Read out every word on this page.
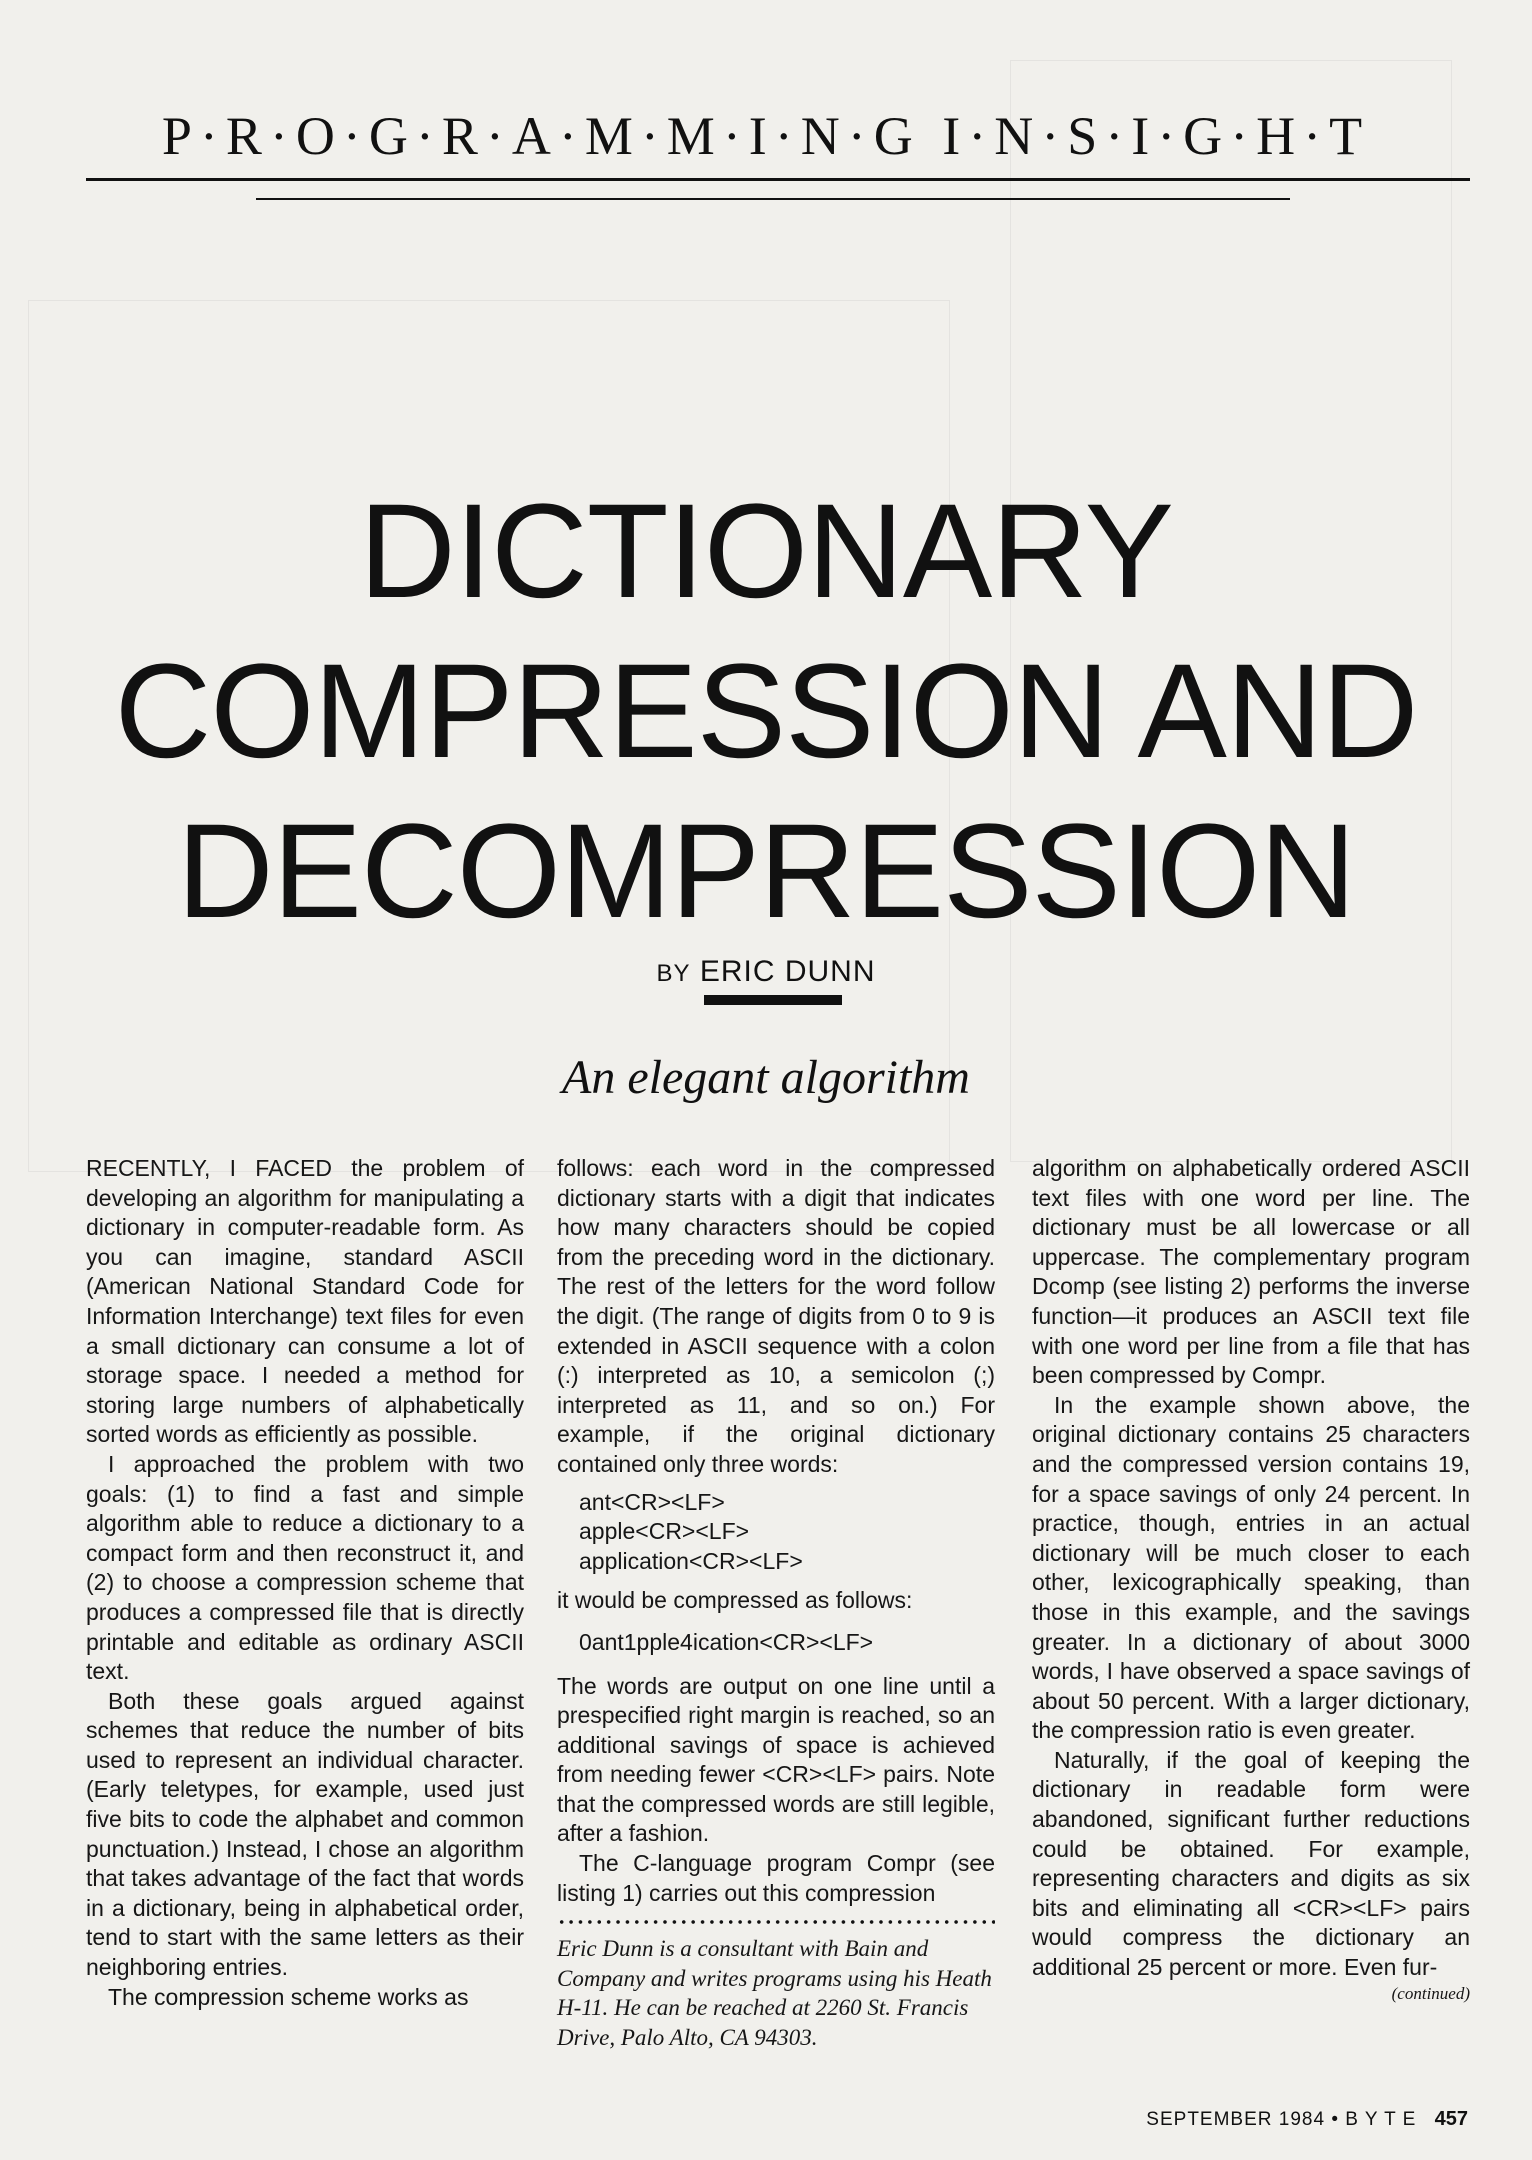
P·R·O·G·R·A·M·M·I·N·G I·N·S·I·G·H·T
DICTIONARY
COMPRESSION AND
DECOMPRESSION
BY ERIC DUNN
An elegant algorithm

RECENTLY, I FACED the problem of developing an algorithm for manipulating a dictionary in computer-readable form. As you can imagine, standard ASCII (American National Standard Code for Information Interchange) text files for even a small dictionary can consume a lot of storage space. I needed a method for storing large numbers of alphabetically sorted words as efficiently as possible.

I approached the problem with two goals: (1) to find a fast and simple algorithm able to reduce a dictionary to a compact form and then reconstruct it, and (2) to choose a compression scheme that produces a compressed file that is directly printable and editable as ordinary ASCII text.

Both these goals argued against schemes that reduce the number of bits used to represent an individual character. (Early teletypes, for example, used just five bits to code the alphabet and common punctuation.) Instead, I chose an algorithm that takes advantage of the fact that words in a dictionary, being in alphabetical order, tend to start with the same letters as their neighboring entries.

The compression scheme works as

follows: each word in the compressed dictionary starts with a digit that indicates how many characters should be copied from the preceding word in the dictionary. The rest of the letters for the word follow the digit. (The range of digits from 0 to 9 is extended in ASCII sequence with a colon (:) interpreted as 10, a semicolon (;) interpreted as 11, and so on.) For example, if the original dictionary contained only three words:

ant<CR><LF>
apple<CR><LF>
application<CR><LF>

it would be compressed as follows:

0ant1pple4ication<CR><LF>

The words are output on one line until a prespecified right margin is reached, so an additional savings of space is achieved from needing fewer <CR><LF> pairs. Note that the compressed words are still legible, after a fashion.

The C-language program Compr (see listing 1) carries out this compression

Eric Dunn is a consultant with Bain and Company and writes programs using his Heath H-11. He can be reached at 2260 St. Francis Drive, Palo Alto, CA 94303.

algorithm on alphabetically ordered ASCII text files with one word per line. The dictionary must be all lowercase or all uppercase. The complementary program Dcomp (see listing 2) performs the inverse function—it produces an ASCII text file with one word per line from a file that has been compressed by Compr.

In the example shown above, the original dictionary contains 25 characters and the compressed version contains 19, for a space savings of only 24 percent. In practice, though, entries in an actual dictionary will be much closer to each other, lexicographically speaking, than those in this example, and the savings greater. In a dictionary of about 3000 words, I have observed a space savings of about 50 percent. With a larger dictionary, the compression ratio is even greater.

Naturally, if the goal of keeping the dictionary in readable form were abandoned, significant further reductions could be obtained. For example, representing characters and digits as six bits and eliminating all <CR><LF> pairs would compress the dictionary an additional 25 percent or more. Even fur-

(continued)
SEPTEMBER 1984 • B Y T E 457
